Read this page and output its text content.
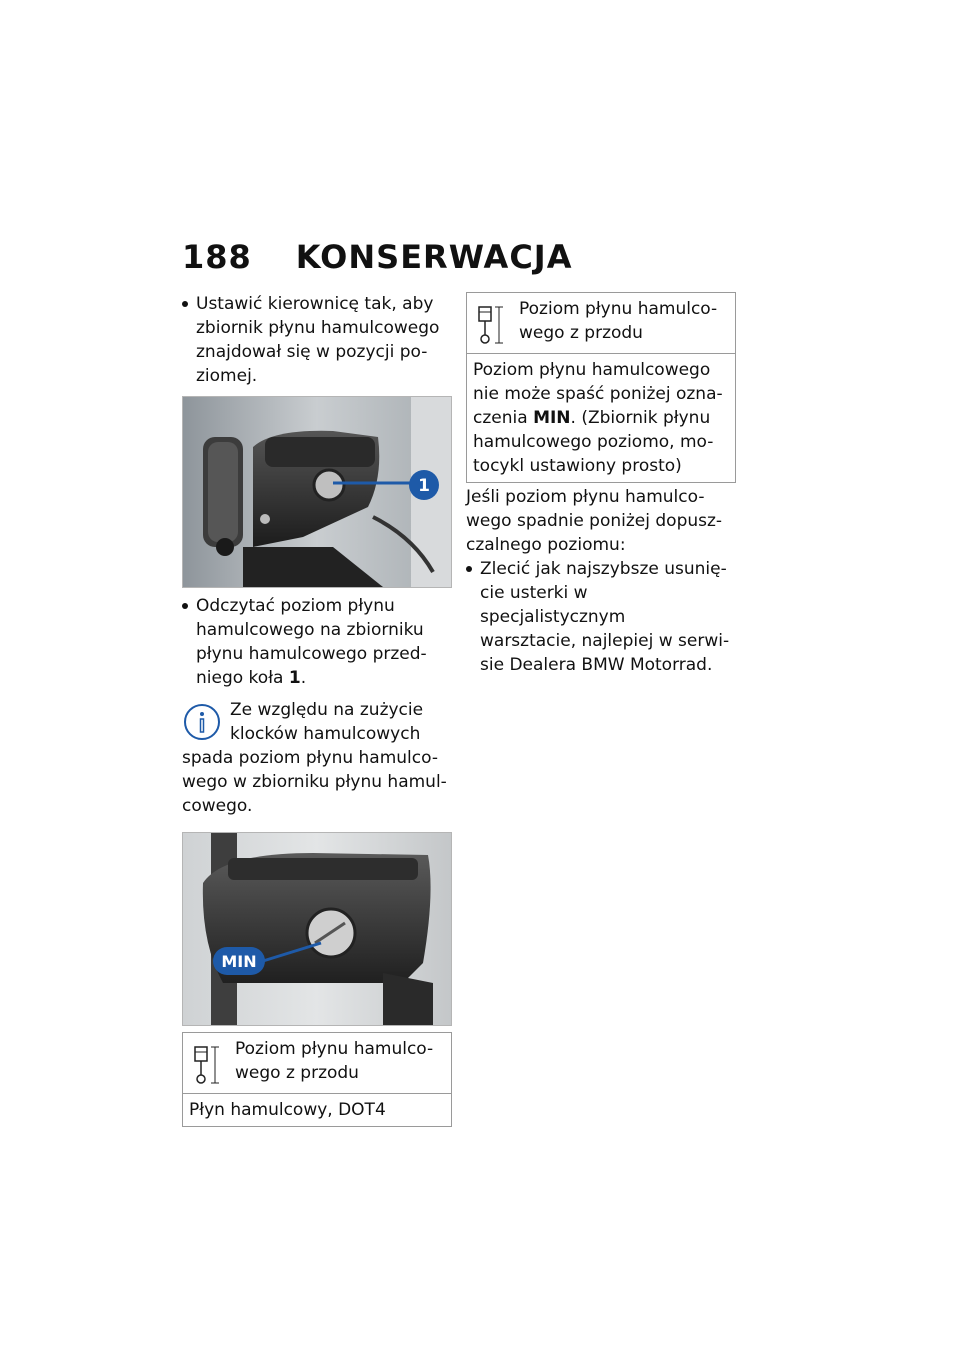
188 KONSERWACJA
Ustawić kierownicę tak, aby
zbiornik płynu hamulcowego
znajdował się w pozycji po-
ziomej.
1
Odczytać poziom płynu
hamulcowego na zbiorniku
płynu hamulcowego przed-
niego koła 1.
Ze względu na zużycie
klocków hamulcowych
spada poziom płynu hamulco-
wego w zbiorniku płynu hamul-
cowego.
MIN
Poziom płynu hamulco-
wego z przodu

Płyn hamulcowy, DOT4
Poziom płynu hamulco-
wego z przodu

Poziom płynu hamulcowego
nie może spaść poniżej ozna-
czenia MIN. (Zbiornik płynu
hamulcowego poziomo, mo-
tocykl ustawiony prosto)
Jeśli poziom płynu hamulco-
wego spadnie poniżej dopusz-
czalnego poziomu:
Zlecić jak najszybsze usunię-
cie usterki w specjalistycznym
warsztacie, najlepiej w serwi-
sie Dealera BMW Motorrad.
